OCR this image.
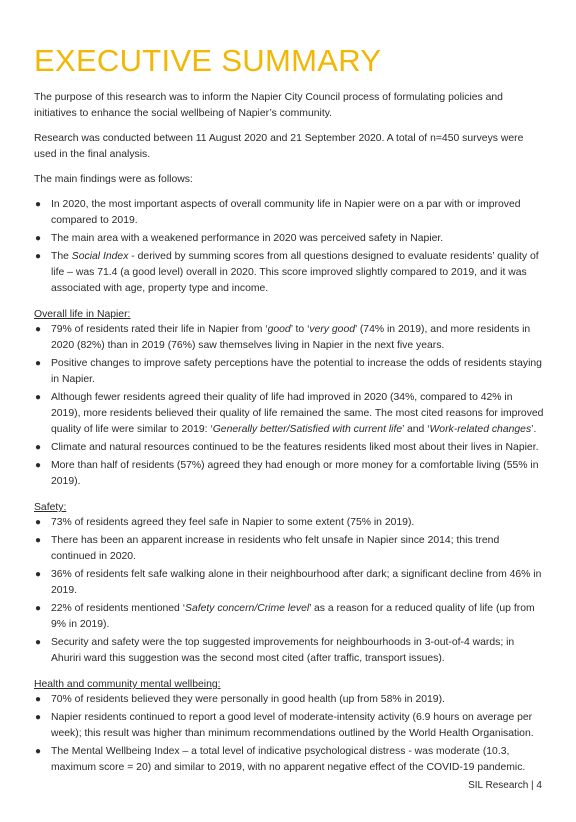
EXECUTIVE SUMMARY

The purpose of this research was to inform the Napier City Council process of formulating policies and initiatives to enhance the social wellbeing of Napier’s community.

Research was conducted between 11 August 2020 and 21 September 2020. A total of n=450 surveys were used in the final analysis.

The main findings were as follows:

● In 2020, the most important aspects of overall community life in Napier were on a par with or improved compared to 2019.
● The main area with a weakened performance in 2020 was perceived safety in Napier.
● The Social Index - derived by summing scores from all questions designed to evaluate residents’ quality of life – was 71.4 (a good level) overall in 2020. This score improved slightly compared to 2019, and it was associated with age, property type and income.
Overall life in Napier:
● 79% of residents rated their life in Napier from ‘good’ to ‘very good’ (74% in 2019), and more residents in 2020 (82%) than in 2019 (76%) saw themselves living in Napier in the next five years.
● Positive changes to improve safety perceptions have the potential to increase the odds of residents staying in Napier.
● Although fewer residents agreed their quality of life had improved in 2020 (34%, compared to 42% in 2019), more residents believed their quality of life remained the same. The most cited reasons for improved quality of life were similar to 2019: ‘Generally better/Satisfied with current life’ and ‘Work-related changes’.
● Climate and natural resources continued to be the features residents liked most about their lives in Napier.
● More than half of residents (57%) agreed they had enough or more money for a comfortable living (55% in 2019).
Safety:
● 73% of residents agreed they feel safe in Napier to some extent (75% in 2019).
● There has been an apparent increase in residents who felt unsafe in Napier since 2014; this trend continued in 2020.
● 36% of residents felt safe walking alone in their neighbourhood after dark; a significant decline from 46% in 2019.
● 22% of residents mentioned ‘Safety concern/Crime level’ as a reason for a reduced quality of life (up from 9% in 2019).
● Security and safety were the top suggested improvements for neighbourhoods in 3-out-of-4 wards; in Ahuriri ward this suggestion was the second most cited (after traffic, transport issues).
Health and community mental wellbeing:
● 70% of residents believed they were personally in good health (up from 58% in 2019).
● Napier residents continued to report a good level of moderate-intensity activity (6.9 hours on average per week); this result was higher than minimum recommendations outlined by the World Health Organisation.
● The Mental Wellbeing Index – a total level of indicative psychological distress - was moderate (10.3, maximum score = 20) and similar to 2019, with no apparent negative effect of the COVID-19 pandemic.
SIL Research | 4
